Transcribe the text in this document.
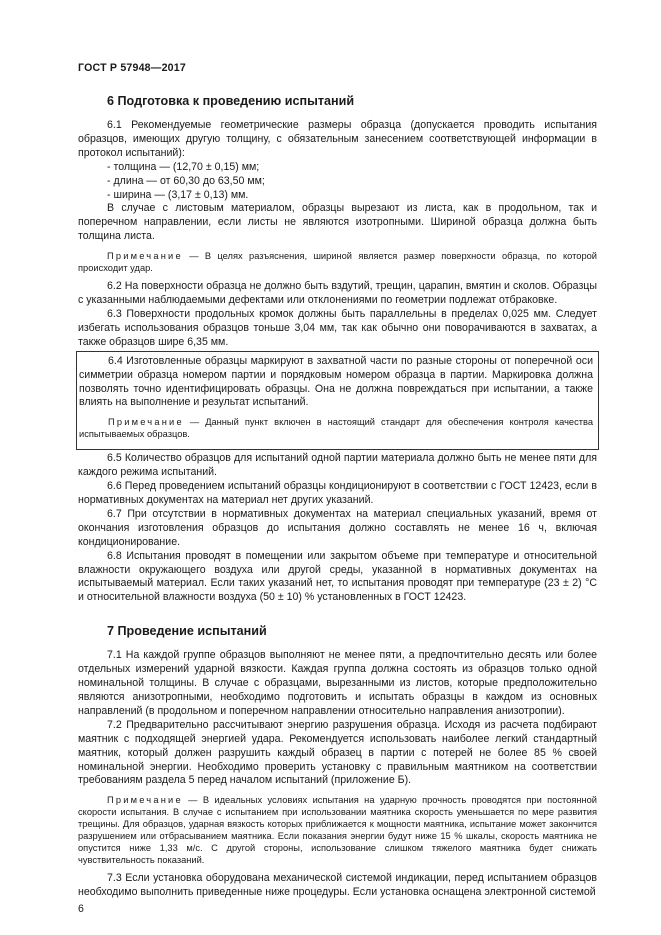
ГОСТ Р 57948—2017
6 Подготовка к проведению испытаний

6.1 Рекомендуемые геометрические размеры образца (допускается проводить испытания образцов, имеющих другую толщину, с обязательным занесением соответствующей информации в протокол испытаний):

- толщина — (12,70 ± 0,15) мм;

- длина — от 60,30 до 63,50 мм;

- ширина — (3,17 ± 0,13) мм.

В случае с листовым материалом, образцы вырезают из листа, как в продольном, так и поперечном направлении, если листы не являются изотропными. Шириной образца должна быть толщина листа.

Примечание — В целях разъяснения, шириной является размер поверхности образца, по которой происходит удар.

6.2 На поверхности образца не должно быть вздутий, трещин, царапин, вмятин и сколов. Образцы с указанными наблюдаемыми дефектами или отклонениями по геометрии подлежат отбраковке.

6.3 Поверхности продольных кромок должны быть параллельны в пределах 0,025 мм. Следует избегать использования образцов тоньше 3,04 мм, так как обычно они поворачиваются в захватах, а также образцов шире 6,35 мм.

6.4 Изготовленные образцы маркируют в захватной части по разные стороны от поперечной оси симметрии образца номером партии и порядковым номером образца в партии. Маркировка должна позволять точно идентифицировать образцы. Она не должна повреждаться при испытании, а также влиять на выполнение и результат испытаний.

Примечание — Данный пункт включен в настоящий стандарт для обеспечения контроля качества испытываемых образцов.

6.5 Количество образцов для испытаний одной партии материала должно быть не менее пяти для каждого режима испытаний.

6.6 Перед проведением испытаний образцы кондиционируют в соответствии с ГОСТ 12423, если в нормативных документах на материал нет других указаний.

6.7 При отсутствии в нормативных документах на материал специальных указаний, время от окончания изготовления образцов до испытания должно составлять не менее 16 ч, включая кондиционирование.

6.8 Испытания проводят в помещении или закрытом объеме при температуре и относительной влажности окружающего воздуха или другой среды, указанной в нормативных документах на испытываемый материал. Если таких указаний нет, то испытания проводят при температуре (23 ± 2) °С и относительной влажности воздуха (50 ± 10) % установленных в ГОСТ 12423.

7 Проведение испытаний

7.1 На каждой группе образцов выполняют не менее пяти, а предпочтительно десять или более отдельных измерений ударной вязкости. Каждая группа должна состоять из образцов только одной номинальной толщины. В случае с образцами, вырезанными из листов, которые предположительно являются анизотропными, необходимо подготовить и испытать образцы в каждом из основных направлений (в продольном и поперечном направлении относительно направления анизотропии).

7.2 Предварительно рассчитывают энергию разрушения образца. Исходя из расчета подбирают маятник с подходящей энергией удара. Рекомендуется использовать наиболее легкий стандартный маятник, который должен разрушить каждый образец в партии с потерей не более 85 % своей номинальной энергии. Необходимо проверить установку с правильным маятником на соответствии требованиям раздела 5 перед началом испытаний (приложение Б).

Примечание — В идеальных условиях испытания на ударную прочность проводятся при постоянной скорости испытания. В случае с испытанием при использовании маятника скорость уменьшается по мере развития трещины. Для образцов, ударная вязкость которых приближается к мощности маятника, испытание может закончится разрушением или отбрасыванием маятника. Если показания энергии будут ниже 15 % шкалы, скорость маятника не опустится ниже 1,33 м/с. С другой стороны, использование слишком тяжелого маятника будет снижать чувствительность показаний.

7.3 Если установка оборудована механической системой индикации, перед испытанием образцов необходимо выполнить приведенные ниже процедуры. Если установка оснащена электронной системой

6
